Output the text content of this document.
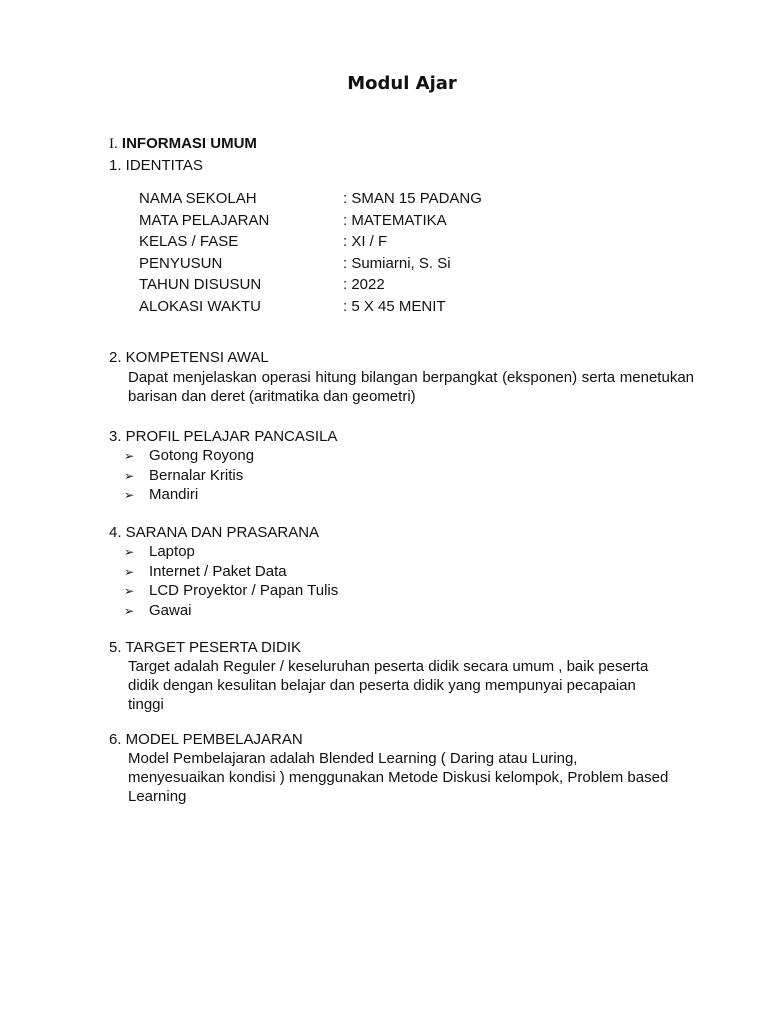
Modul Ajar
I. INFORMASI UMUM
1. IDENTITAS
NAMA SEKOLAH	: SMAN 15 PADANG
MATA PELAJARAN	: MATEMATIKA
KELAS / FASE	: XI / F
PENYUSUN	: Sumiarni, S. Si
TAHUN DISUSUN	: 2022
ALOKASI WAKTU	: 5 X 45 MENIT
2. KOMPETENSI AWAL
Dapat menjelaskan operasi hitung bilangan berpangkat (eksponen) serta menetukan barisan dan deret (aritmatika dan geometri)
3. PROFIL PELAJAR PANCASILA
➢ Gotong Royong
➢ Bernalar Kritis
➢ Mandiri
4. SARANA DAN PRASARANA
➢ Laptop
➢ Internet / Paket Data
➢ LCD Proyektor / Papan Tulis
➢ Gawai
5. TARGET PESERTA DIDIK
Target adalah Reguler / keseluruhan peserta didik secara umum , baik peserta
didik dengan kesulitan belajar dan peserta didik yang mempunyai pecapaian
tinggi
6. MODEL PEMBELAJARAN
Model Pembelajaran adalah Blended Learning ( Daring atau Luring,
menyesuaikan kondisi ) menggunakan Metode Diskusi kelompok, Problem based
Learning
